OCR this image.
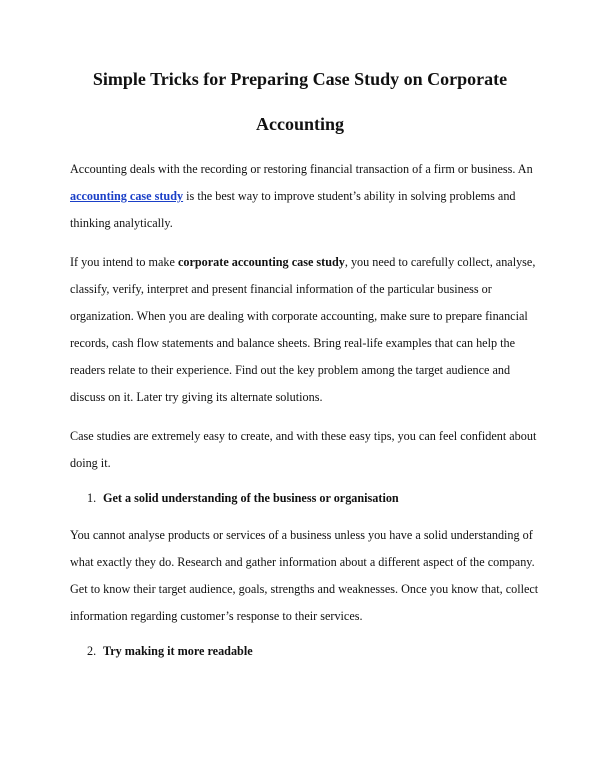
Simple Tricks for Preparing Case Study on Corporate
Accounting

Accounting deals with the recording or restoring financial transaction of a firm or business. An

accounting case study is the best way to improve student’s ability in solving problems and

thinking analytically.

If you intend to make corporate accounting case study, you need to carefully collect, analyse,

classify, verify, interpret and present financial information of the particular business or

organization. When you are dealing with corporate accounting, make sure to prepare financial

records, cash flow statements and balance sheets. Bring real-life examples that can help the

readers relate to their experience. Find out the key problem among the target audience and

discuss on it. Later try giving its alternate solutions.

Case studies are extremely easy to create, and with these easy tips, you can feel confident about

doing it.

1. Get a solid understanding of the business or organisation

You cannot analyse products or services of a business unless you have a solid understanding of

what exactly they do. Research and gather information about a different aspect of the company.

Get to know their target audience, goals, strengths and weaknesses. Once you know that, collect

information regarding customer’s response to their services.

2. Try making it more readable
